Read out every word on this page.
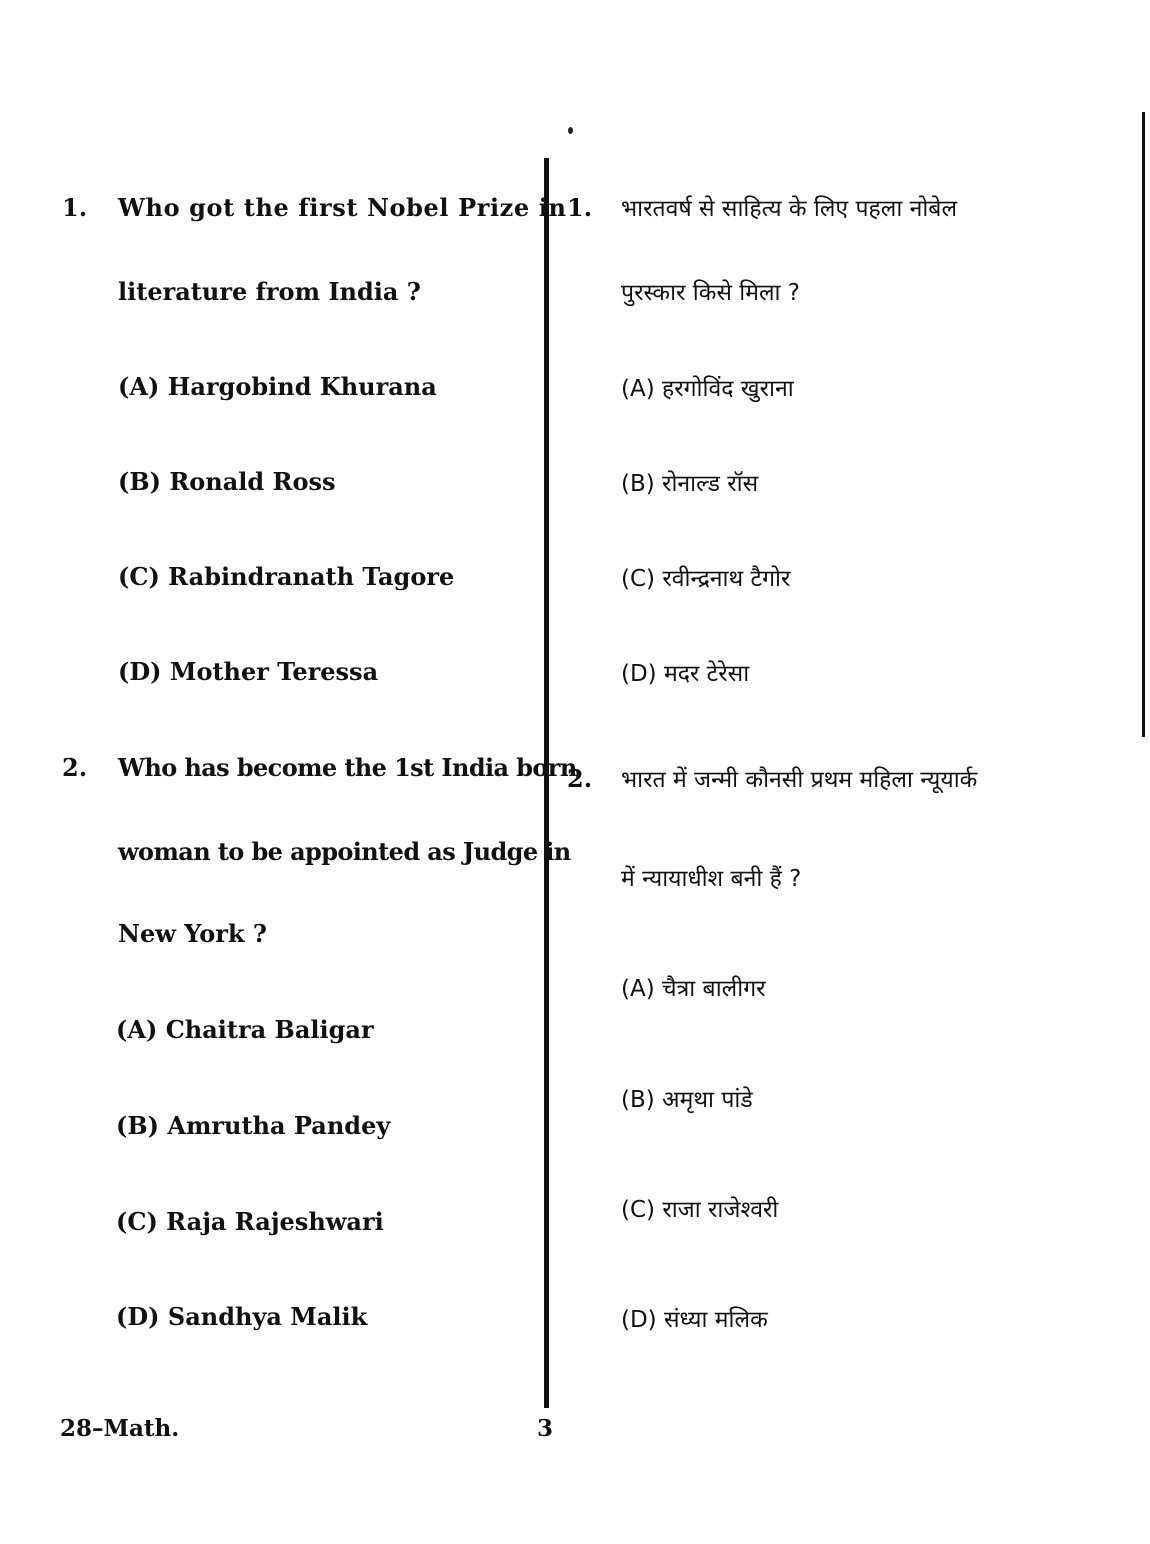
1. Who got the first Nobel Prize in

literature from India ?

(A) Hargobind Khurana

(B) Ronald Ross

(C) Rabindranath Tagore

(D) Mother Teressa

2. Who has become the 1st India born

woman to be appointed as Judge in

New York ?

(A) Chaitra Baligar

(B) Amrutha Pandey

(C) Raja Rajeshwari

(D) Sandhya Malik

1. भारतवर्ष से साहित्य के लिए पहला नोबेल

पुरस्कार किसे मिला ?

(A) हरगोविंद खुराना

(B) रोनाल्ड रॉस

(C) रवीन्द्रनाथ टैगोर

(D) मदर टेरेसा

2. भारत में जन्मी कौनसी प्रथम महिला न्यूयार्क

में न्यायाधीश बनी हैं ?

(A) चैत्रा बालीगर

(B) अमृथा पांडे

(C) राजा राजेश्वरी

(D) संध्या मलिक

28–Math.	3
